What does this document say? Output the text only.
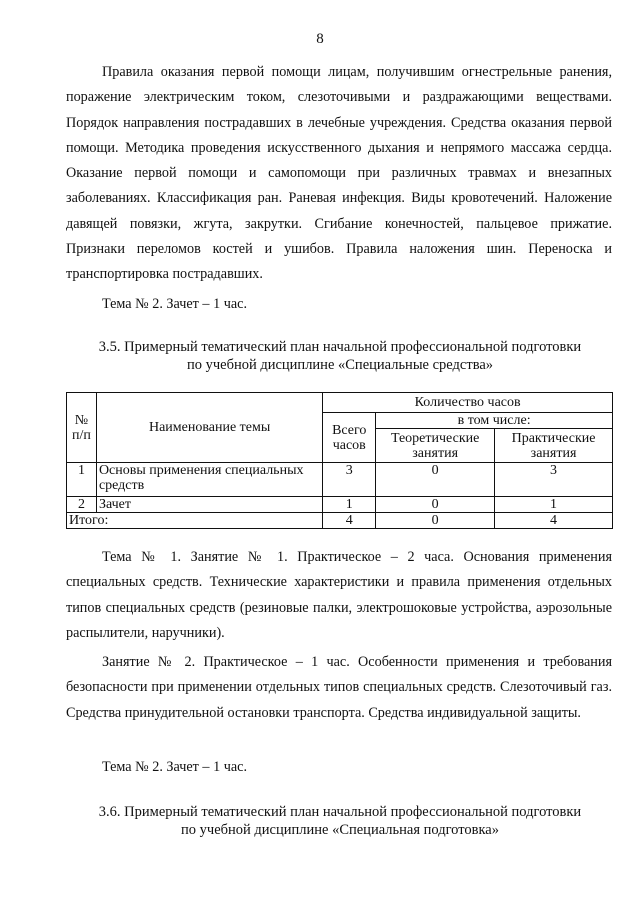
8

Правила оказания первой помощи лицам, получившим огнестрельные ранения, поражение электрическим током, слезоточивыми и раздражающими веществами. Порядок направления пострадавших в лечебные учреждения. Средства оказания первой помощи. Методика проведения искусственного дыхания и непрямого массажа сердца. Оказание первой помощи и самопомощи при различных травмах и внезапных заболеваниях. Классификация ран. Раневая инфекция. Виды кровотечений. Наложение давящей повязки, жгута, закрутки. Сгибание конечностей, пальцевое прижатие. Признаки переломов костей и ушибов. Правила наложения шин. Переноска и транспортировка пострадавших.

Тема № 2. Зачет – 1 час.

3.5. Примерный тематический план начальной профессиональной подготовки
по учебной дисциплине «Специальные средства»
№ п/п	Наименование темы	Количество часов		
		Всего часов	в том числе:	
			Теоретические занятия	Практические занятия
1	Основы применения специальных средств	3	0	3
2	Зачет	1	0	1
Итого:		4	0	4

Тема № 1. Занятие № 1. Практическое – 2 часа. Основания применения специальных средств. Технические характеристики и правила применения отдельных типов специальных средств (резиновые палки, электрошоковые устройства, аэрозольные распылители, наручники).

Занятие № 2. Практическое – 1 час. Особенности применения и требования безопасности при применении отдельных типов специальных средств. Слезоточивый газ. Средства принудительной остановки транспорта. Средства индивидуальной защиты.

Тема № 2. Зачет – 1 час.

3.6. Примерный тематический план начальной профессиональной подготовки
по учебной дисциплине «Специальная подготовка»
